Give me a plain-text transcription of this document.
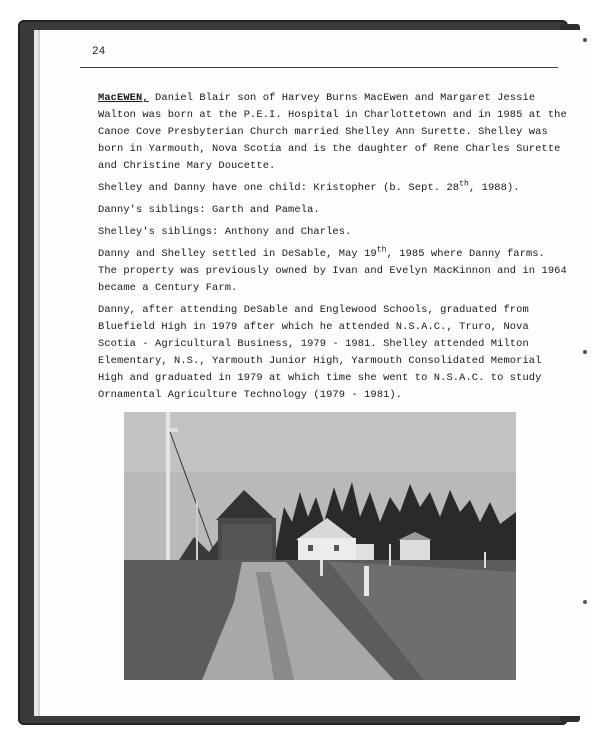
24

MacEWEN, Daniel Blair son of Harvey Burns MacEwen and Margaret Jessie Walton was born at the P.E.I. Hospital in Charlottetown and in 1985 at the Canoe Cove Presbyterian Church married Shelley Ann Surette. Shelley was born in Yarmouth, Nova Scotia and is the daughter of Rene Charles Surette and Christine Mary Doucette.

Shelley and Danny have one child: Kristopher (b. Sept. 28th, 1988).

Danny's siblings: Garth and Pamela.

Shelley's siblings: Anthony and Charles.

Danny and Shelley settled in DeSable, May 19th, 1985 where Danny farms. The property was previously owned by Ivan and Evelyn MacKinnon and in 1964 became a Century Farm.

Danny, after attending DeSable and Englewood Schools, graduated from Bluefield High in 1979 after which he attended N.S.A.C., Truro, Nova Scotia - Agricultural Business, 1979 - 1981. Shelley attended Milton Elementary, N.S., Yarmouth Junior High, Yarmouth Consolidated Memorial High and graduated in 1979 at which time she went to N.S.A.C. to study Ornamental Agriculture Technology (1979 - 1981).
